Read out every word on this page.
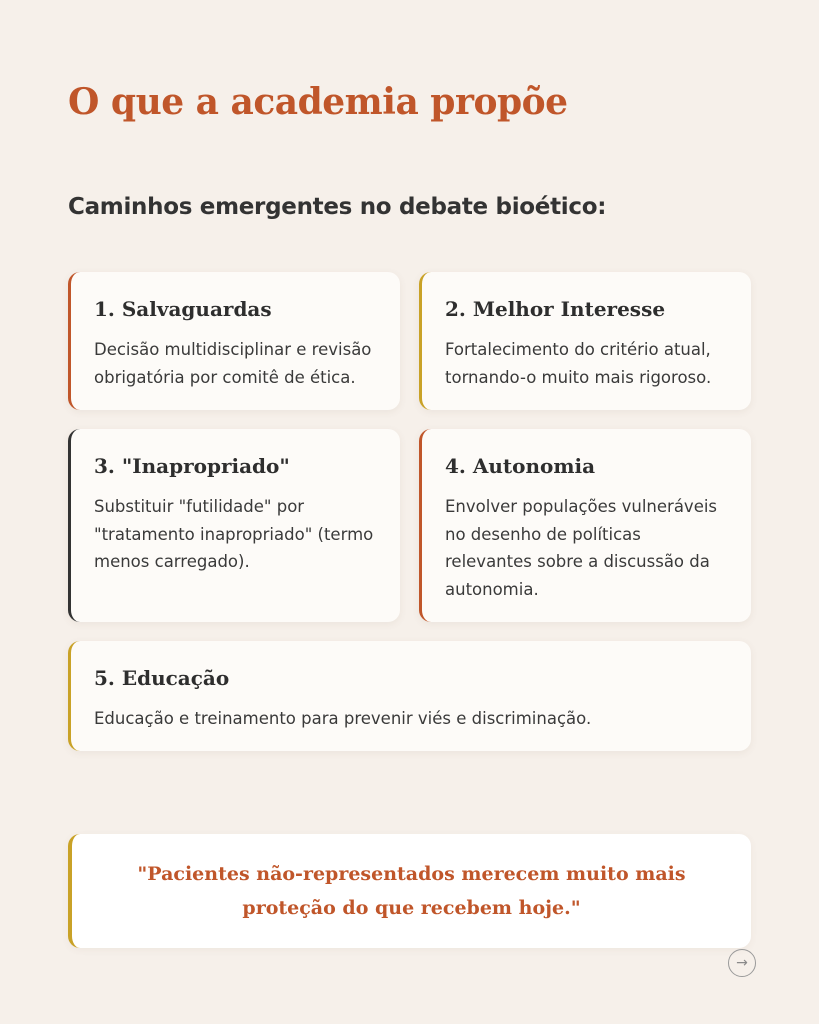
O que a academia propõe
Caminhos emergentes no debate bioético:
1. Salvaguardas

Decisão multidisciplinar e revisão obrigatória por comitê de ética.

2. Melhor Interesse

Fortalecimento do critério atual, tornando-o muito mais rigoroso.

3. "Inapropriado"

Substituir "futilidade" por "tratamento inapropriado" (termo menos carregado).

4. Autonomia

Envolver populações vulneráveis no desenho de políticas relevantes sobre a discussão da autonomia.

5. Educação

Educação e treinamento para prevenir viés e discriminação.

"Pacientes não-representados merecem muito mais proteção do que recebem hoje."

→
